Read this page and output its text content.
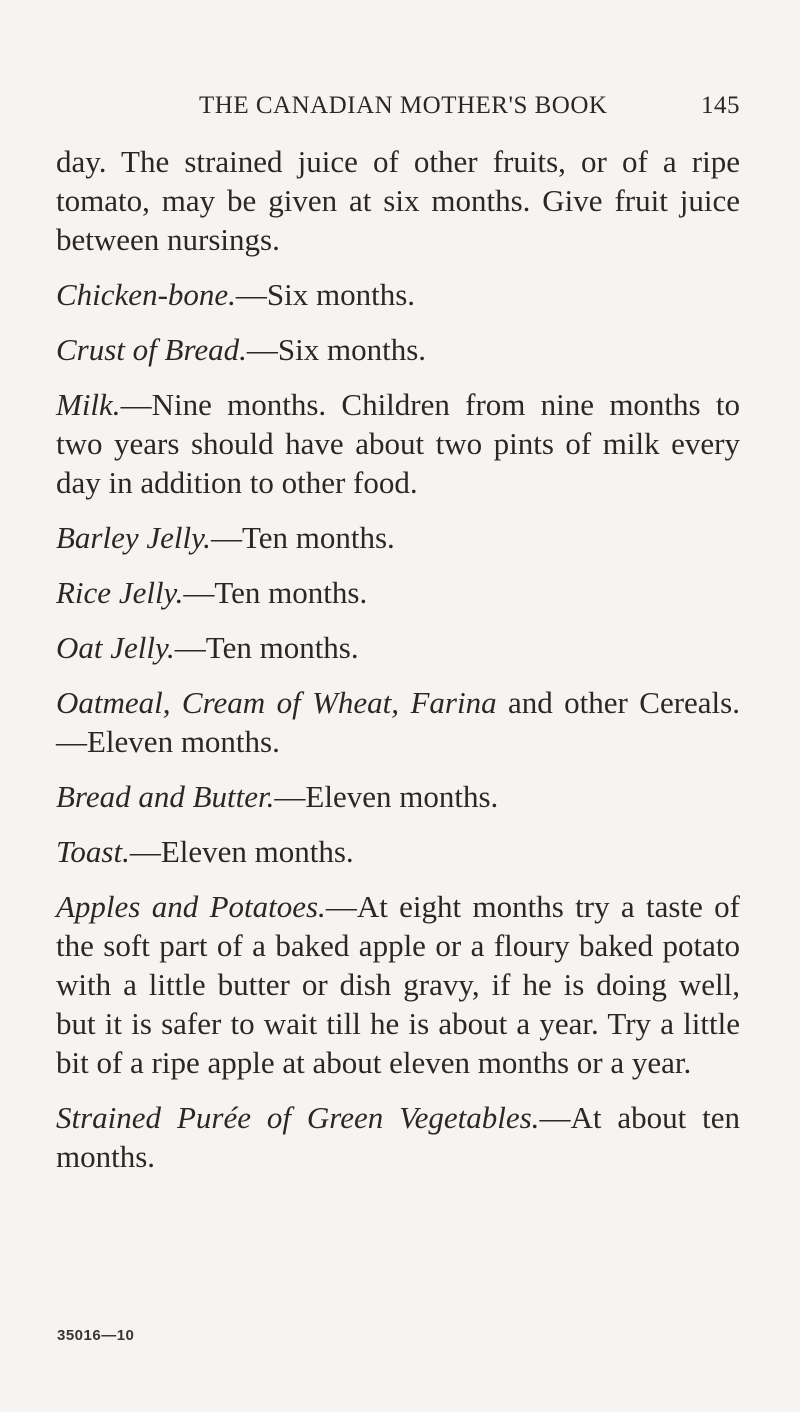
THE CANADIAN MOTHER'S BOOK	145

day. The strained juice of other fruits, or of a ripe tomato, may be given at six months. Give fruit juice between nursings.

Chicken-bone.—Six months.

Crust of Bread.—Six months.

Milk.—Nine months. Children from nine months to two years should have about two pints of milk every day in addition to other food.

Barley Jelly.—Ten months.

Rice Jelly.—Ten months.

Oat Jelly.—Ten months.

Oatmeal, Cream of Wheat, Farina and other Cereals.—Eleven months.

Bread and Butter.—Eleven months.

Toast.—Eleven months.

Apples and Potatoes.—At eight months try a taste of the soft part of a baked apple or a floury baked potato with a little butter or dish gravy, if he is doing well, but it is safer to wait till he is about a year. Try a little bit of a ripe apple at about eleven months or a year.

Strained Purée of Green Vegetables.—At about ten months.

35016—10
